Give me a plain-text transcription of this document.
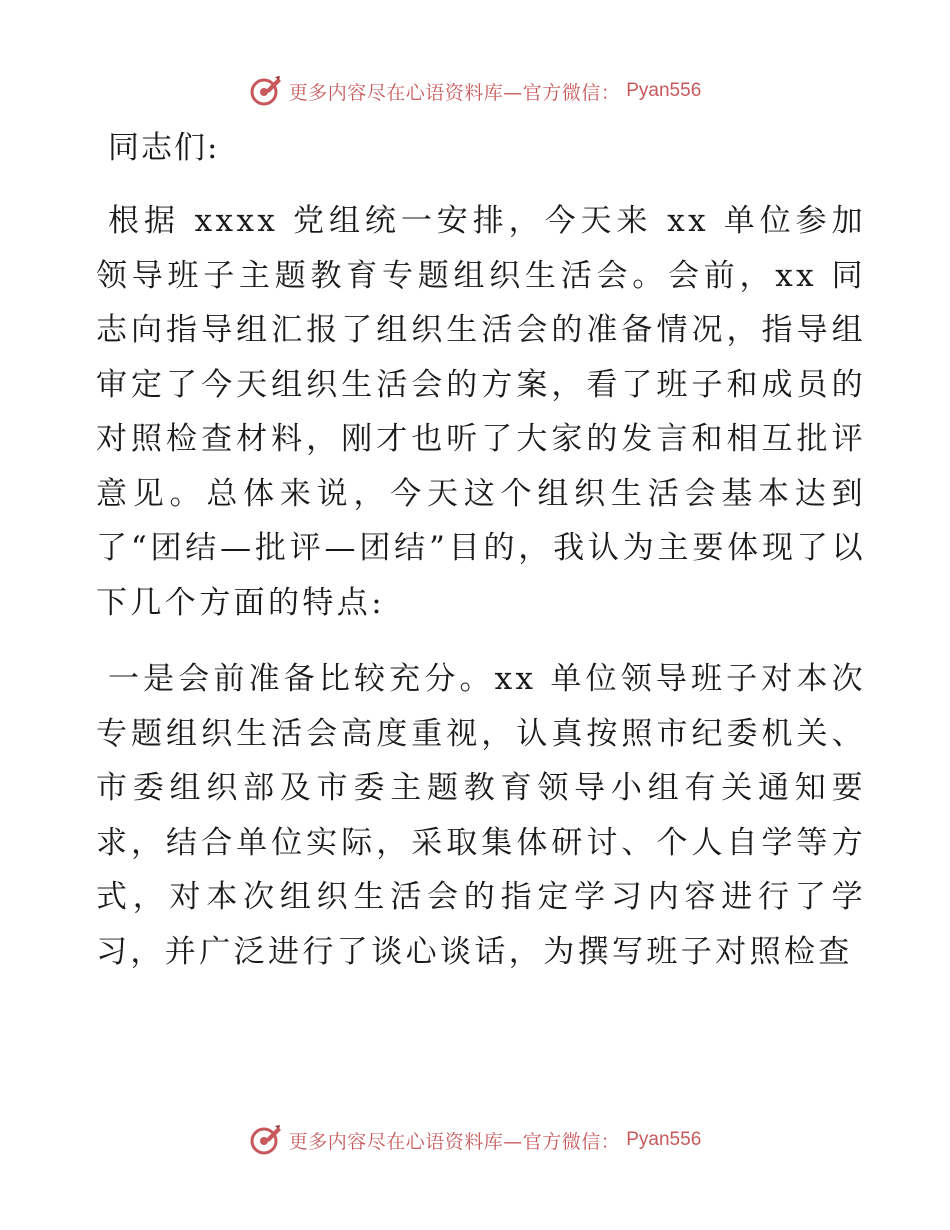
更多内容尽在心语资料库—官方微信： Pyan556

同志们:

根据 xxxx 党组统一安排，今天来 xx 单位参加领导班子主题教育专题组织生活会。会前，xx 同志向指导组汇报了组织生活会的准备情况，指导组审定了今天组织生活会的方案，看了班子和成员的对照检查材料，刚才也听了大家的发言和相互批评意见。总体来说，今天这个组织生活会基本达到了“团结—批评—团结”目的，我认为主要体现了以下几个方面的特点:

一是会前准备比较充分。xx 单位领导班子对本次专题组织生活会高度重视，认真按照市纪委机关、市委组织部及市委主题教育领导小组有关通知要求，结合单位实际，采取集体研讨、个人自学等方式，对本次组织生活会的指定学习内容进行了学习，并广泛进行了谈心谈话，为撰写班子对照检查

更多内容尽在心语资料库—官方微信： Pyan556
